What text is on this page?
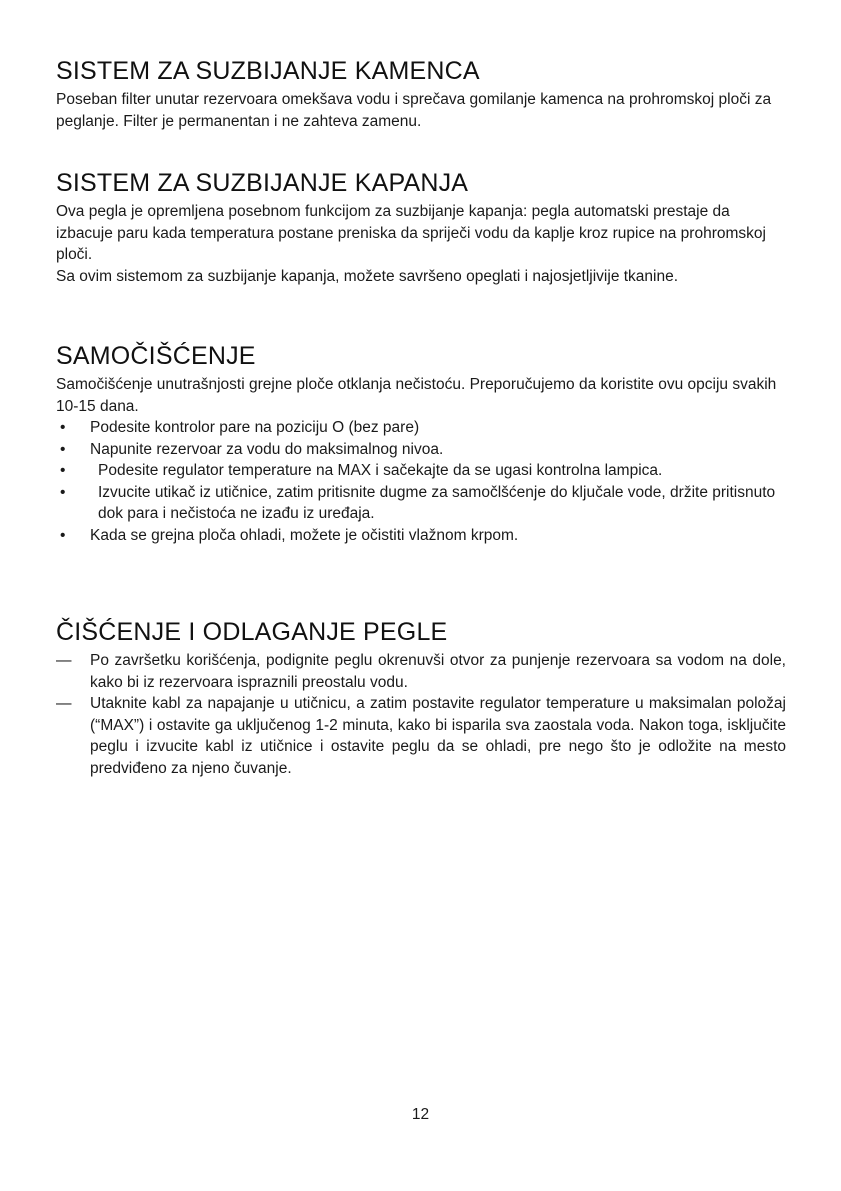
SISTEM ZA SUZBIJANJE KAMENCA

Poseban filter unutar rezervoara omekšava vodu i sprečava gomilanje kamenca na prohromskoj ploči za peglanje. Filter je permanentan i ne zahteva zamenu.

SISTEM ZA SUZBIJANJE KAPANJA

Ova pegla je opremljena posebnom funkcijom za suzbijanje kapanja: pegla automatski prestaje da izbacuje paru kada temperatura postane preniska da spriječi vodu da kaplje kroz rupice na prohromskoj ploči.

Sa ovim sistemom za suzbijanje kapanja, možete savršeno opeglati i najosjetljivije tkanine.

SAMOČIŠĆENJE

Samočišćenje unutrašnjosti grejne ploče otklanja nečistoću. Preporučujemo da koristite ovu opciju svakih 10-15 dana.

• Podesite kontrolor pare na poziciju O (bez pare)
• Napunite rezervoar za vodu do maksimalnog nivoa.
• Podesite regulator temperature na MAX i sačekajte da se ugasi kontrolna lampica.
• Izvucite utikač iz utičnice, zatim pritisnite dugme za samočlšćenje do ključale vode, držite pritisnuto dok para i nečistoća ne izađu iz uređaja.
• Kada se grejna ploča ohladi, možete je očistiti vlažnom krpom.
ČIŠĆENJE I ODLAGANJE PEGLE
— Po završetku korišćenja, podignite peglu okrenuvši otvor za punjenje rezervoara sa vodom na dole, kako bi iz rezervoara ispraznili preostalu vodu.
— Utaknite kabl za napajanje u utičnicu, a zatim postavite regulator temperature u maksimalan položaj (“MAX”) i ostavite ga uključenog 1-2 minuta, kako bi isparila sva zaostala voda. Nakon toga, isključite peglu i izvucite kabl iz utičnice i ostavite peglu da se ohladi, pre nego što je odložite na mesto predviđeno za njeno čuvanje.
12
